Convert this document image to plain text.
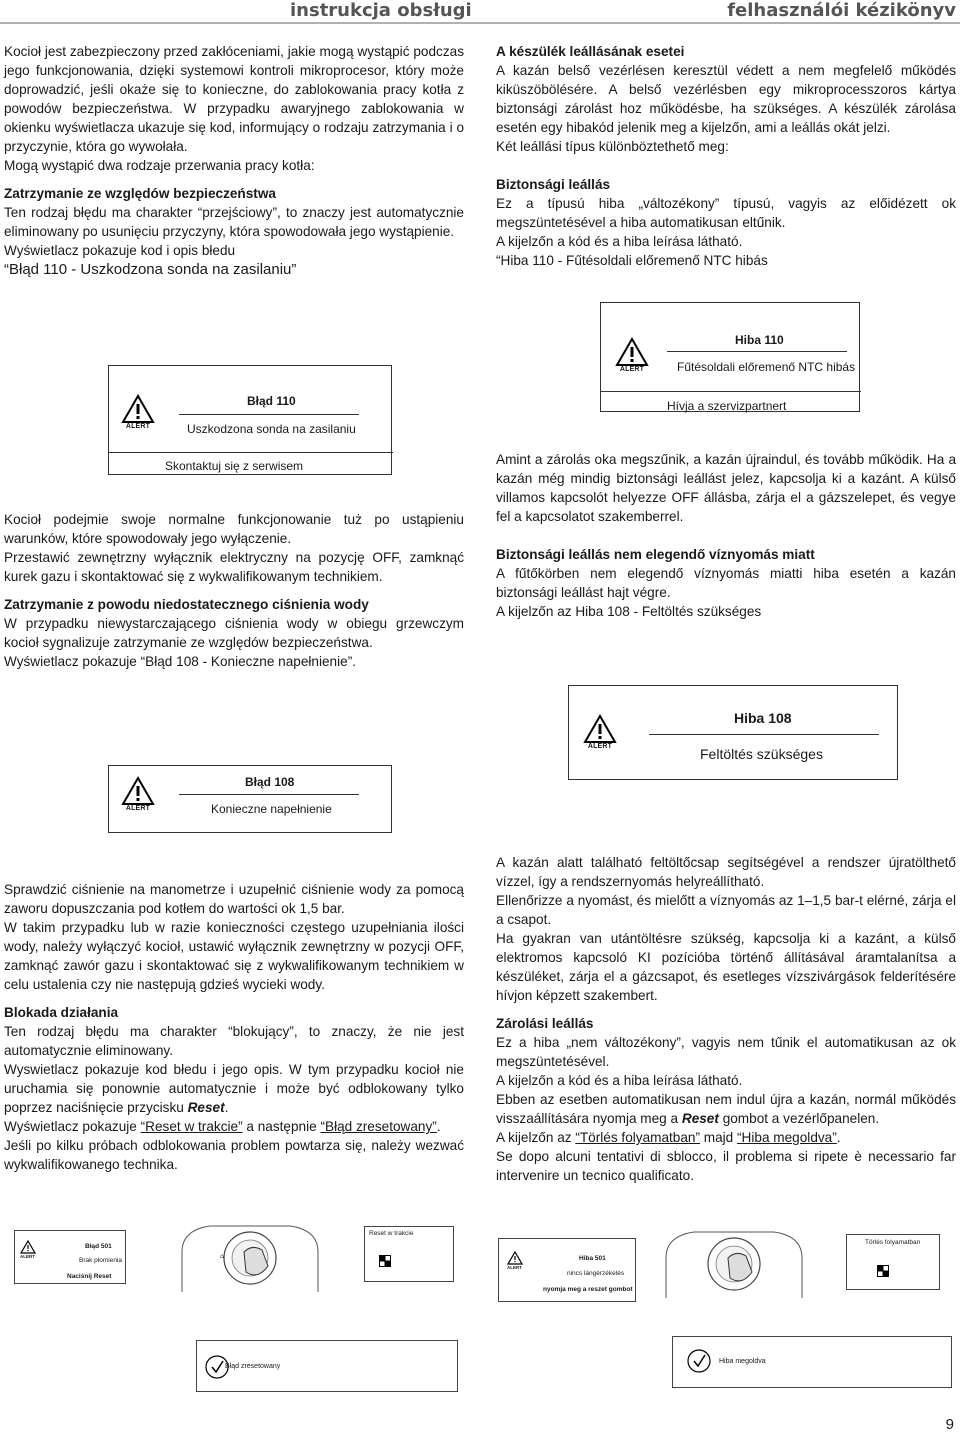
instrukcja obsługi	felhasználói kézikönyv

Kocioł jest zabezpieczony przed zakłóceniami, jakie mogą wystąpić podczas jego funkcjonowania, dzięki systemowi kontroli mikroprocesor, który może doprowadzić, jeśli okaże się to konieczne, do zablokowania pracy kotła z powodów bezpieczeństwa. W przypadku awaryjnego zablokowania w okienku wyświetlacza ukazuje się kod, informujący o rodzaju zatrzymania i o przyczynie, która go wywołała.

Mogą wystąpić dwa rodzaje przerwania pracy kotła:

Zatrzymanie ze względów bezpieczeństwa

Ten rodzaj błędu ma charakter “przejściowy”, to znaczy jest automatycznie eliminowany po usunięciu przyczyny, która spowodowała jego wystąpienie.

Wyświetlacz pokazuje kod i opis błedu

“Błąd 110 - Uszkodzona sonda na zasilaniu”

Kocioł podejmie swoje normalne funkcjonowanie tuż po ustąpieniu warunków, które spowodowały jego wyłączenie.

Przestawić zewnętrzny wyłącznik elektryczny na pozycję OFF, zamknąć kurek gazu i skontaktować się z wykwalifikowanym technikiem.

Zatrzymanie z powodu niedostatecznego ciśnienia wody

W przypadku niewystarczającego ciśnienia wody w obiegu grzewczym kocioł sygnalizuje zatrzymanie ze względów bezpieczeństwa.

Wyświetlacz pokazuje “Błąd 108 - Konieczne napełnienie”.

Sprawdzić ciśnienie na manometrze i uzupełnić ciśnienie wody za pomocą zaworu dopuszczania pod kotłem do wartości ok 1,5 bar.

W takim przypadku lub w razie konieczności częstego uzupełniania ilości wody, należy wyłączyć kocioł, ustawić wyłącznik zewnętrzny w pozycji OFF, zamknąć zawór gazu i skontaktować się z wykwalifikowanym technikiem w celu ustalenia czy nie następują gdzieś wycieki wody.

Blokada działania

Ten rodzaj błędu ma charakter “blokujący”, to znaczy, że nie jest automatycznie eliminowany.

Wyswietlacz pokazuje kod błedu i jego opis. W tym przypadku kocioł nie uruchamia się ponownie automatycznie i może być odblokowany tylko poprzez naciśnięcie przycisku Reset.

Wyświetlacz pokazuje “Reset w trakcie” a następnie “Błąd zresetowany”.

Jeśli po kilku próbach odblokowania problem powtarza się, należy wezwać wykwalifikowanego technika.

A készülék leállásának esetei

A kazán belső vezérlésen keresztül védett a nem megfelelő működés kiküszöbölésére. A belső vezérlésben egy mikroprocesszoros kártya biztonsági zárolást hoz működésbe, ha szükséges. A készülék zárolása esetén egy hibakód jelenik meg a kijelzőn, ami a leállás okát jelzi.

Két leállási típus különböztethető meg:

Biztonsági leállás

Ez a típusú hiba „változékony” típusú, vagyis az előidézett ok megszüntetésével a hiba automatikusan eltűnik.

A kijelzőn a kód és a hiba leírása látható.

“Hiba 110 - Fűtésoldali előremenő NTC hibás

Amint a zárolás oka megszűnik, a kazán újraindul, és tovább működik. Ha a kazán még mindig biztonsági leállást jelez, kapcsolja ki a kazánt. A külső villamos kapcsolót helyezze OFF állásba, zárja el a gázszelepet, és vegye fel a kapcsolatot szakemberrel.

Biztonsági leállás nem elegendő víznyomás miatt

A fűtőkörben nem elegendő víznyomás miatti hiba esetén a kazán biztonsági leállást hajt végre.

A kijelzőn az Hiba 108 - Feltöltés szükséges

A kazán alatt található feltöltőcsap segítségével a rendszer újratölthető vízzel, így a rendszernyomás helyreállítható.

Ellenőrizze a nyomást, és mielőtt a víznyomás az 1–1,5 bar-t elérné, zárja el a csapot.

Ha gyakran van utántöltésre szükség, kapcsolja ki a kazánt, a külső elektromos kapcsoló KI pozícióba történő állításával áramtalanítsa a készüléket, zárja el a gázcsapot, és esetleges vízszivárgások felderítésére hívjon képzett szakembert.

Zárolási leállás

Ez a hiba „nem változékony”, vagyis nem tűnik el automatikusan az ok megszüntetésével.

A kijelzőn a kód és a hiba leírása látható.

Ebben az esetben automatikusan nem indul újra a kazán, normál működés visszaállítására nyomja meg a Reset gombot a vezérlőpanelen.

A kijelzőn az “Törlés folyamatban” majd “Hiba megoldva”.

Se dopo alcuni tentativi di sblocco, il problema si ripete è necessario far intervenire un tecnico qualificato.

ALERT
Błąd 110
Uszkodzona sonda na zasilaniu
Skontaktuj się z serwisem
ALERT
Hiba 110
Fűtésoldali előremenő NTC hibás
Hívja a szervizpartnert
ALERT
Błąd 108
Konieczne napełnienie
ALERT
Hiba 108
Feltöltés szükséges
ALERT
Błąd 501
Brak płomienia
Naciśnij Reset
⌂
Reset w trakcie
Błąd zresetowany
ALERT
Hiba 501
nincs lángérzékelés
nyomja meg a reszet gombot
Törlés folyamatban
Hiba megoldva
9
